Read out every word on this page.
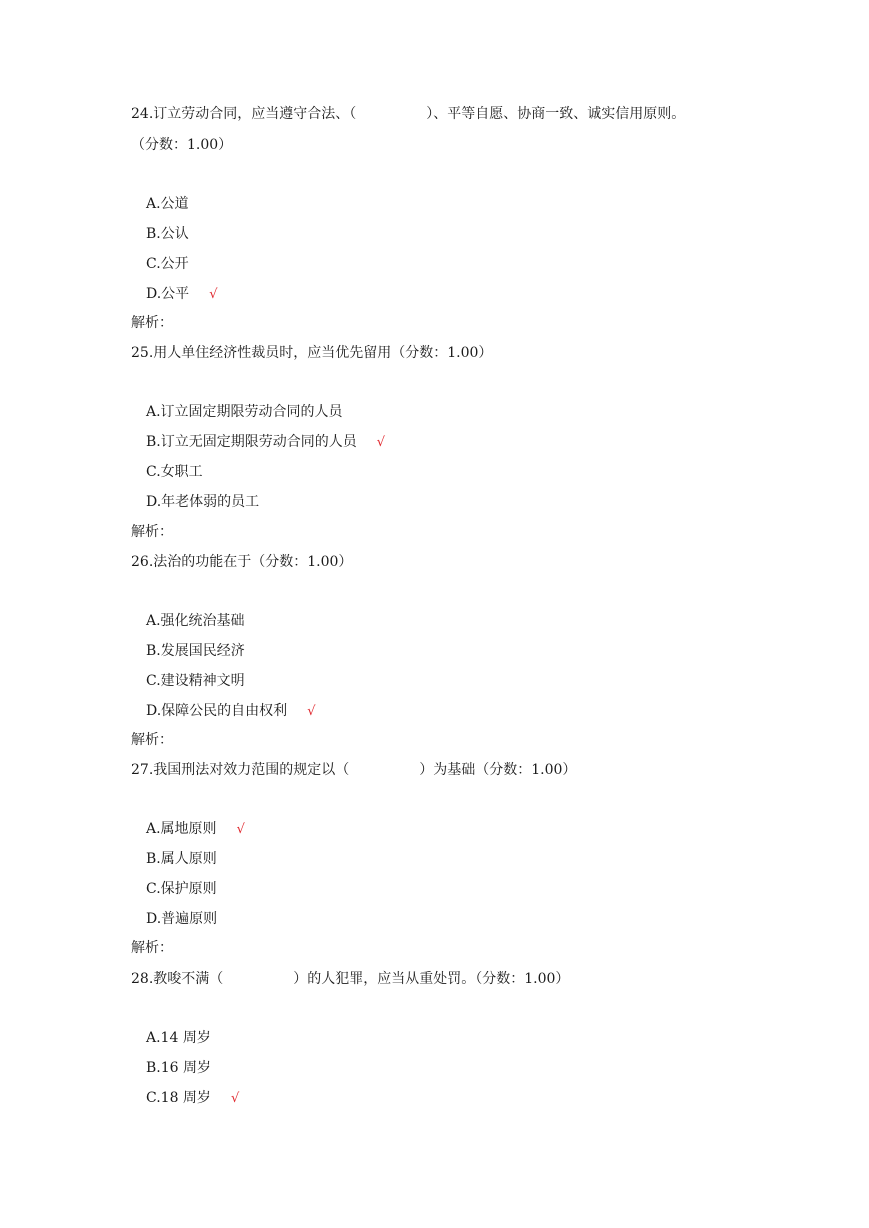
24.订立劳动合同，应当遵守合法、（　　　　　）、平等自愿、协商一致、诚实信用原则。
（分数：1.00）
A.公道
B.公认
C.公开
D.公平 √
解析：
25.用人单住经济性裁员时，应当优先留用（分数：1.00）
A.订立固定期限劳动合同的人员
B.订立无固定期限劳动合同的人员 √
C.女职工
D.年老体弱的员工
解析：
26.法治的功能在于（分数：1.00）
A.强化统治基础
B.发展国民经济
C.建设精神文明
D.保障公民的自由权利 √
解析：
27.我国刑法对效力范围的规定以（　　　　　）为基础（分数：1.00）
A.属地原则 √
B.属人原则
C.保护原则
D.普遍原则
解析：
28.教唆不满（　　　　　）的人犯罪，应当从重处罚。（分数：1.00）
A.14 周岁
B.16 周岁
C.18 周岁 √
